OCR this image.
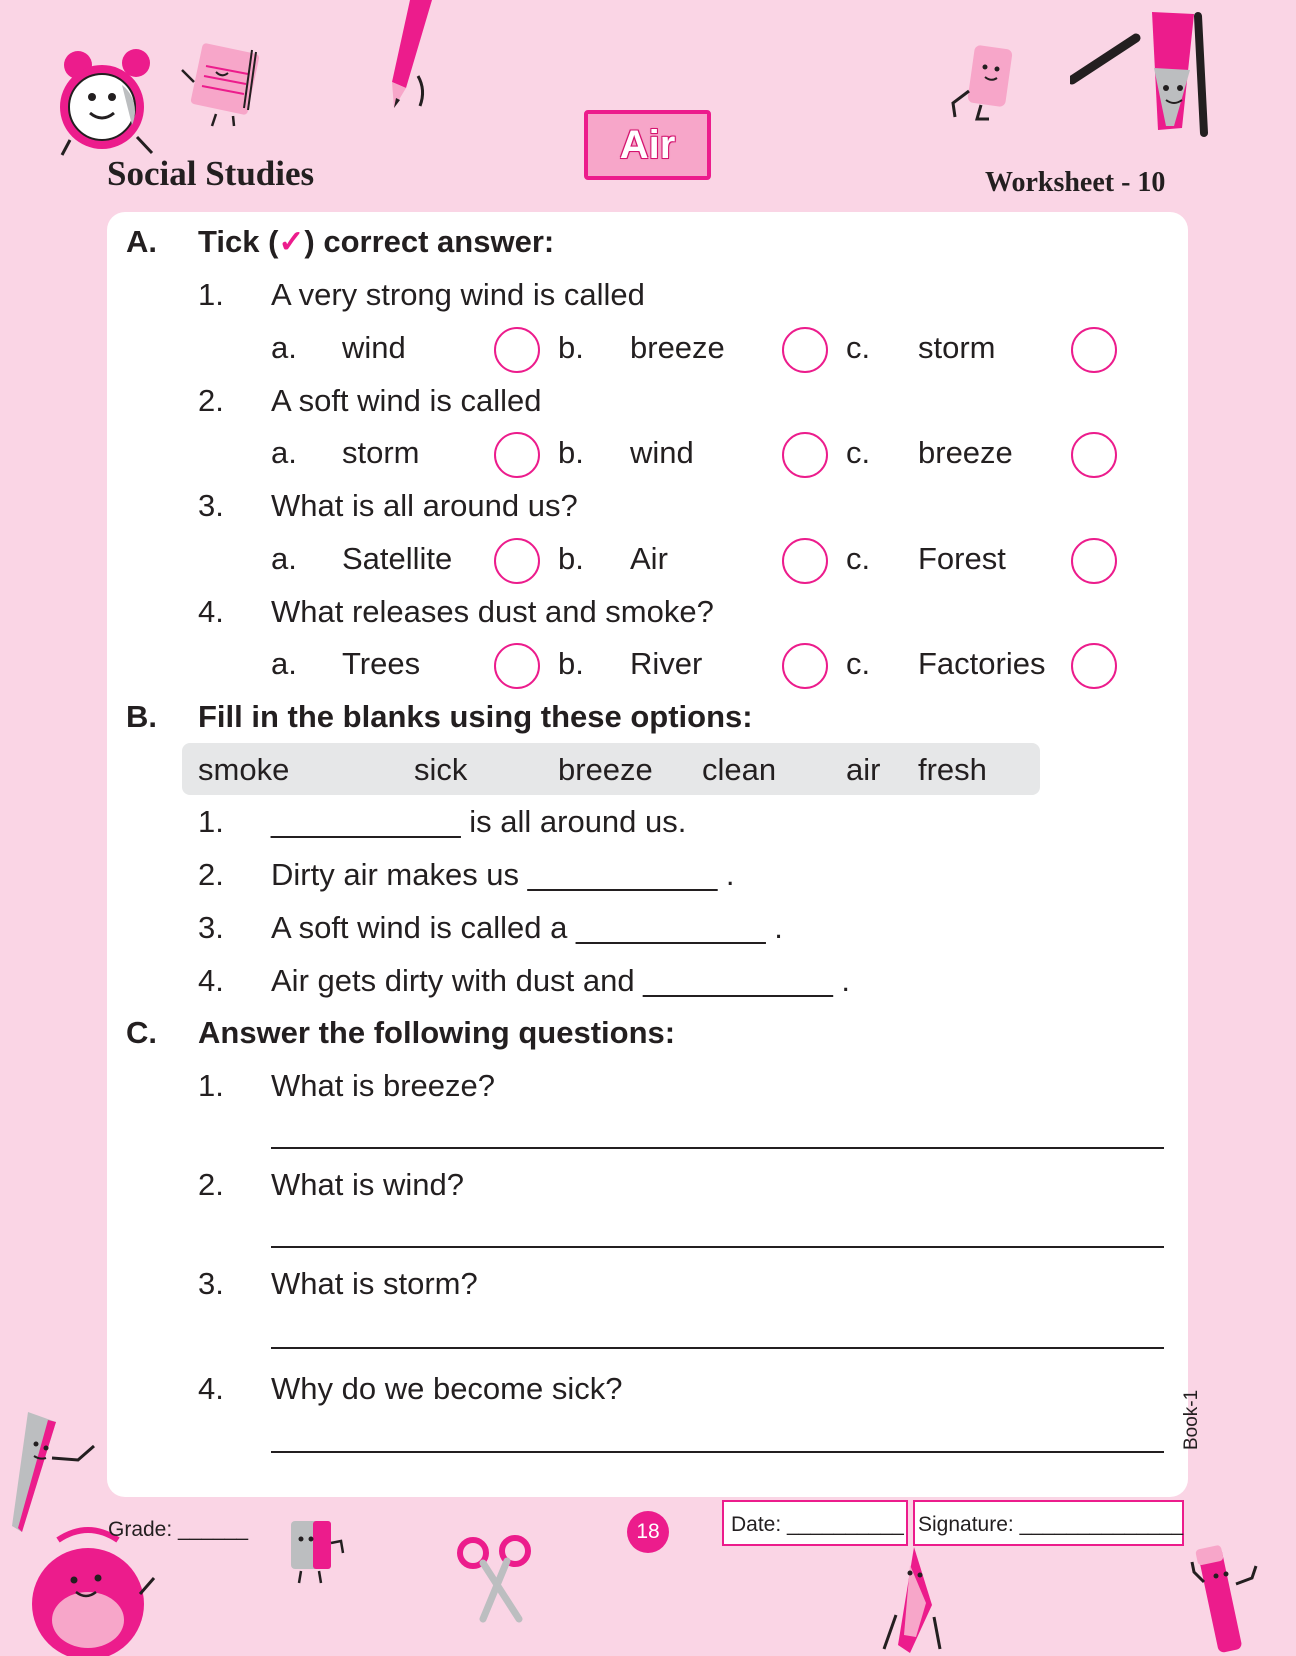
Social Studies
Air
Worksheet - 10
A. Tick (✓) correct answer:
1. A very strong wind is called
a. wind	b. breeze	c. storm
2. A soft wind is called
a. storm	b. wind	c. breeze
3. What is all around us?
a. Satellite	b. Air	c. Forest
4. What releases dust and smoke?
a. Trees	b. River	c. Factories
B. Fill in the blanks using these options:
smoke	sick	breeze clean air fresh
1. ___________ is all around us.
2. Dirty air makes us ___________ .
3. A soft wind is called a ___________ .
4. Air gets dirty with dust and ___________ .
C. Answer the following questions:
1. What is breeze?
2. What is wind?
3. What is storm?
4. Why do we become sick?
Grade: ______	18	Date: __________ Signature: ______________
Book-1
